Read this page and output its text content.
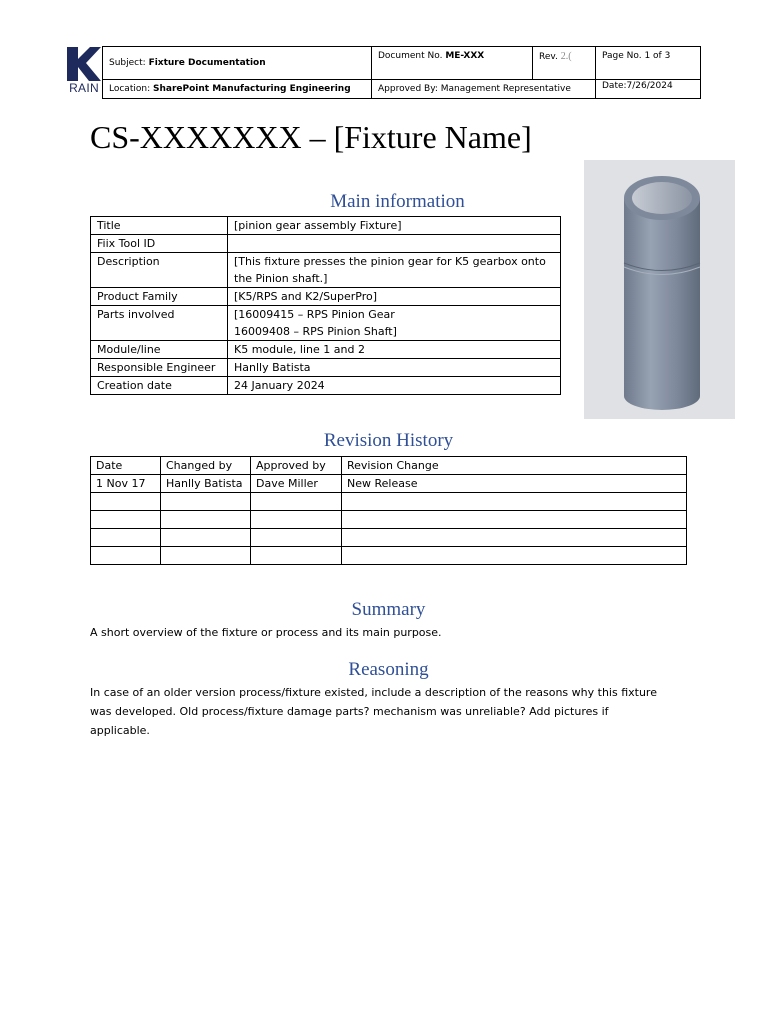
RAIN
Subject: Fixture Documentation	Document No. ME-XXX	Rev. 2.(	Page No. 1 of 3
Location: SharePoint Manufacturing Engineering	Approved By: Management Representative		Date:7/26/2024
CS-XXXXXXX – [Fixture Name]
Main information
Title	[pinion gear assembly Fixture]
Fiix Tool ID	
Description	[This fixture presses the pinion gear for K5 gearbox onto
the Pinion shaft.]

Product Family	[K5/RPS and K2/SuperPro]
Parts involved	[16009415 – RPS Pinion Gear
16009408 – RPS Pinion Shaft]

Module/line	K5 module, line 1 and 2
Responsible Engineer	Hanlly Batista
Creation date	24 January 2024
Revision History
Date	Changed by	Approved by	Revision Change
1 Nov 17	Hanlly Batista	Dave Miller	New Release

Summary
A short overview of the fixture or process and its main purpose.
Reasoning
In case of an older version process/fixture existed, include a description of the reasons why this fixture
was developed. Old process/fixture damage parts? mechanism was unreliable? Add pictures if
applicable.
